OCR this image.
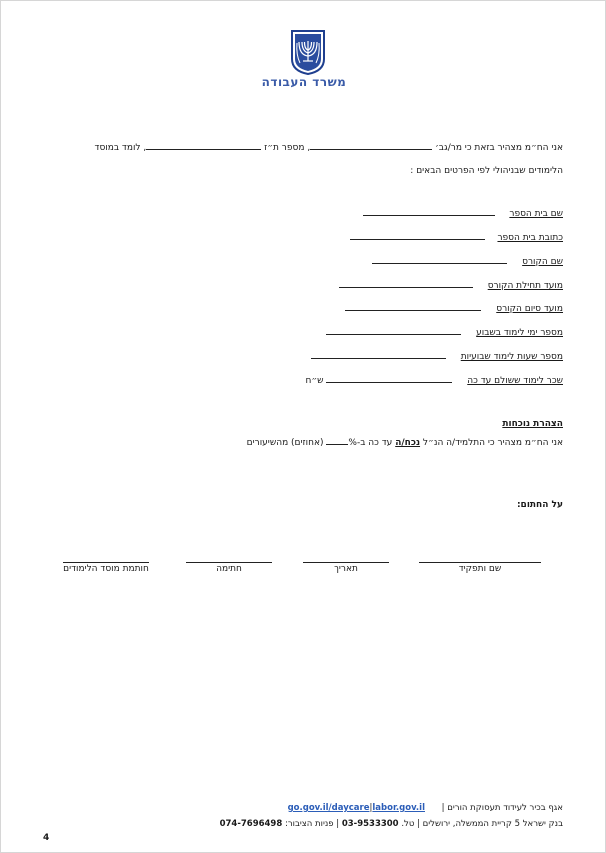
משרד העבודה
אני הח״מ מצהיר בזאת כי מר/גב׳ , מספר ת״ז , לומד במוסד
הלימודים שבניהולי לפי הפרטים הבאים :
שם בית הספר
כתובת בית הספר
שם הקורס
מועד תחילת הקורס
מועד סיום הקורס
מספר ימי לימוד בשבוע
מספר שעות לימוד שבועיות
שכר לימוד ששולם עד כה  ש״ח
הצהרת נוכחות
אני הח״מ מצהיר כי התלמיד/ה הנ״ל נכח/ה עד כה ב-% (אחוזים) מהשיעורים
על החתום:
שם ותפקיד
תאריך
חתימה
חותמת מוסד הלימודים
אגף בכיר לעידוד תעסוקת הורים |
go.gov.il/daycare|labor.gov.il
בנק ישראל 5 קריית הממשלה, ירושלים | טל. 03-9533300 | פניות הציבור: 074-7696498
4
